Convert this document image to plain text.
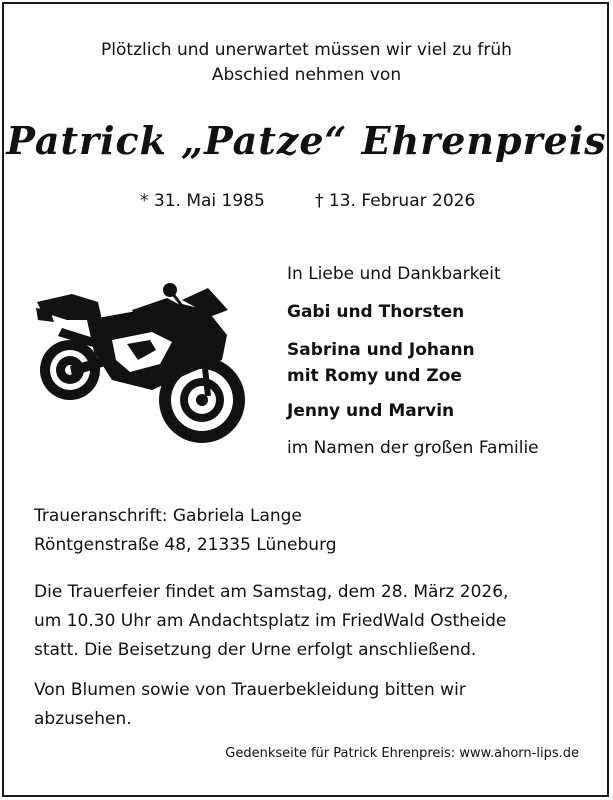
Plötzlich und unerwartet müssen wir viel zu früh
Abschied nehmen von
Patrick „Patze“ Ehrenpreis
* 31. Mai 1985	† 13. Februar 2026
In Liebe und Dankbarkeit
Gabi und Thorsten
Sabrina und Johann
mit Romy und Zoe
Jenny und Marvin
im Namen der großen Familie
Traueranschrift: Gabriela Lange
Röntgenstraße 48, 21335 Lüneburg
Die Trauerfeier findet am Samstag, dem 28. März 2026,
um 10.30 Uhr am Andachtsplatz im FriedWald Ostheide
statt. Die Beisetzung der Urne erfolgt anschließend.
Von Blumen sowie von Trauerbekleidung bitten wir
abzusehen.
Gedenkseite für Patrick Ehrenpreis: www.ahorn-lips.de
